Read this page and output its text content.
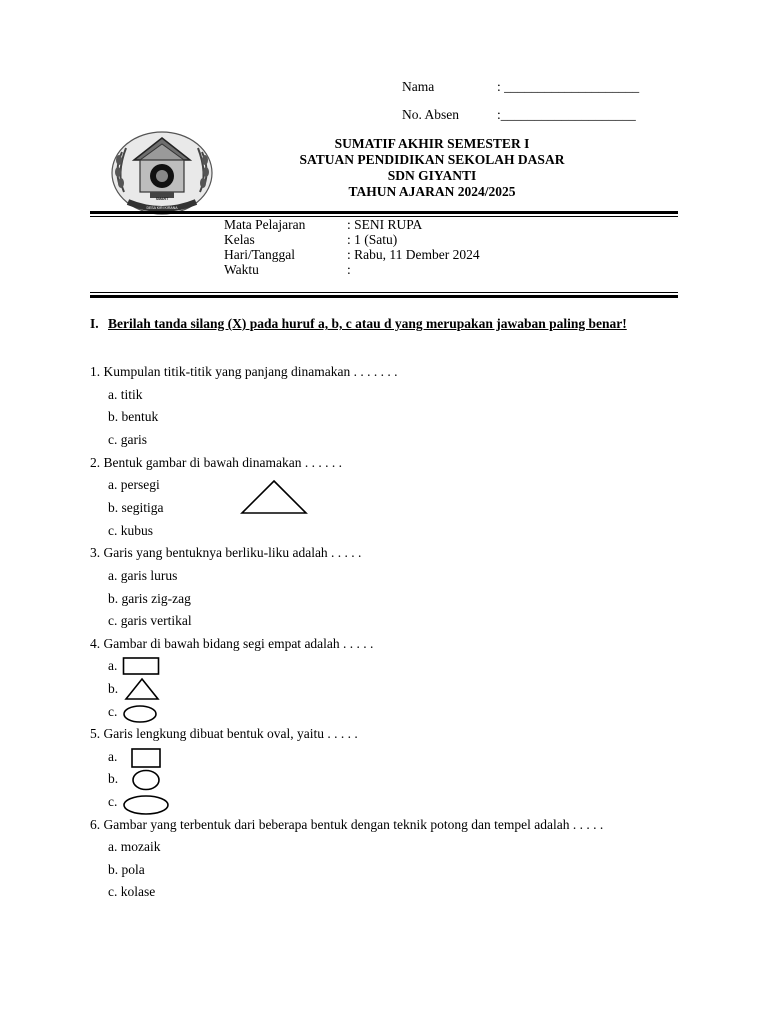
Nama	: ____________________
No. Absen	:____________________
SMART
DESA KIRI KIRANA
SUMATIF AKHIR SEMESTER I
SATUAN PENDIDIKAN SEKOLAH DASAR
SDN GIYANTI
TAHUN AJARAN 2024/2025
Mata Pelajaran	: SENI RUPA
Kelas	: 1 (Satu)
Hari/Tanggal	: Rabu, 11 Dember 2024
Waktu	:
I. Berilah tanda silang (X) pada huruf a, b, c atau d yang merupakan jawaban paling benar!
1. Kumpulan titik-titik yang panjang dinamakan . . . . . . .
a. titik
b. bentuk
c. garis
2. Bentuk gambar di bawah dinamakan . . . . . .
a. persegi
b. segitiga
c. kubus
3. Garis yang bentuknya berliku-liku adalah . . . . .
a. garis lurus
b. garis zig-zag
c. garis vertikal
4. Gambar di bawah bidang segi empat adalah . . . . .
a.
b.
c.
5. Garis lengkung dibuat bentuk oval, yaitu . . . . .
a.
b.
c.
6. Gambar yang terbentuk dari beberapa bentuk dengan teknik potong dan tempel adalah . . . . .
a. mozaik
b. pola
c. kolase
